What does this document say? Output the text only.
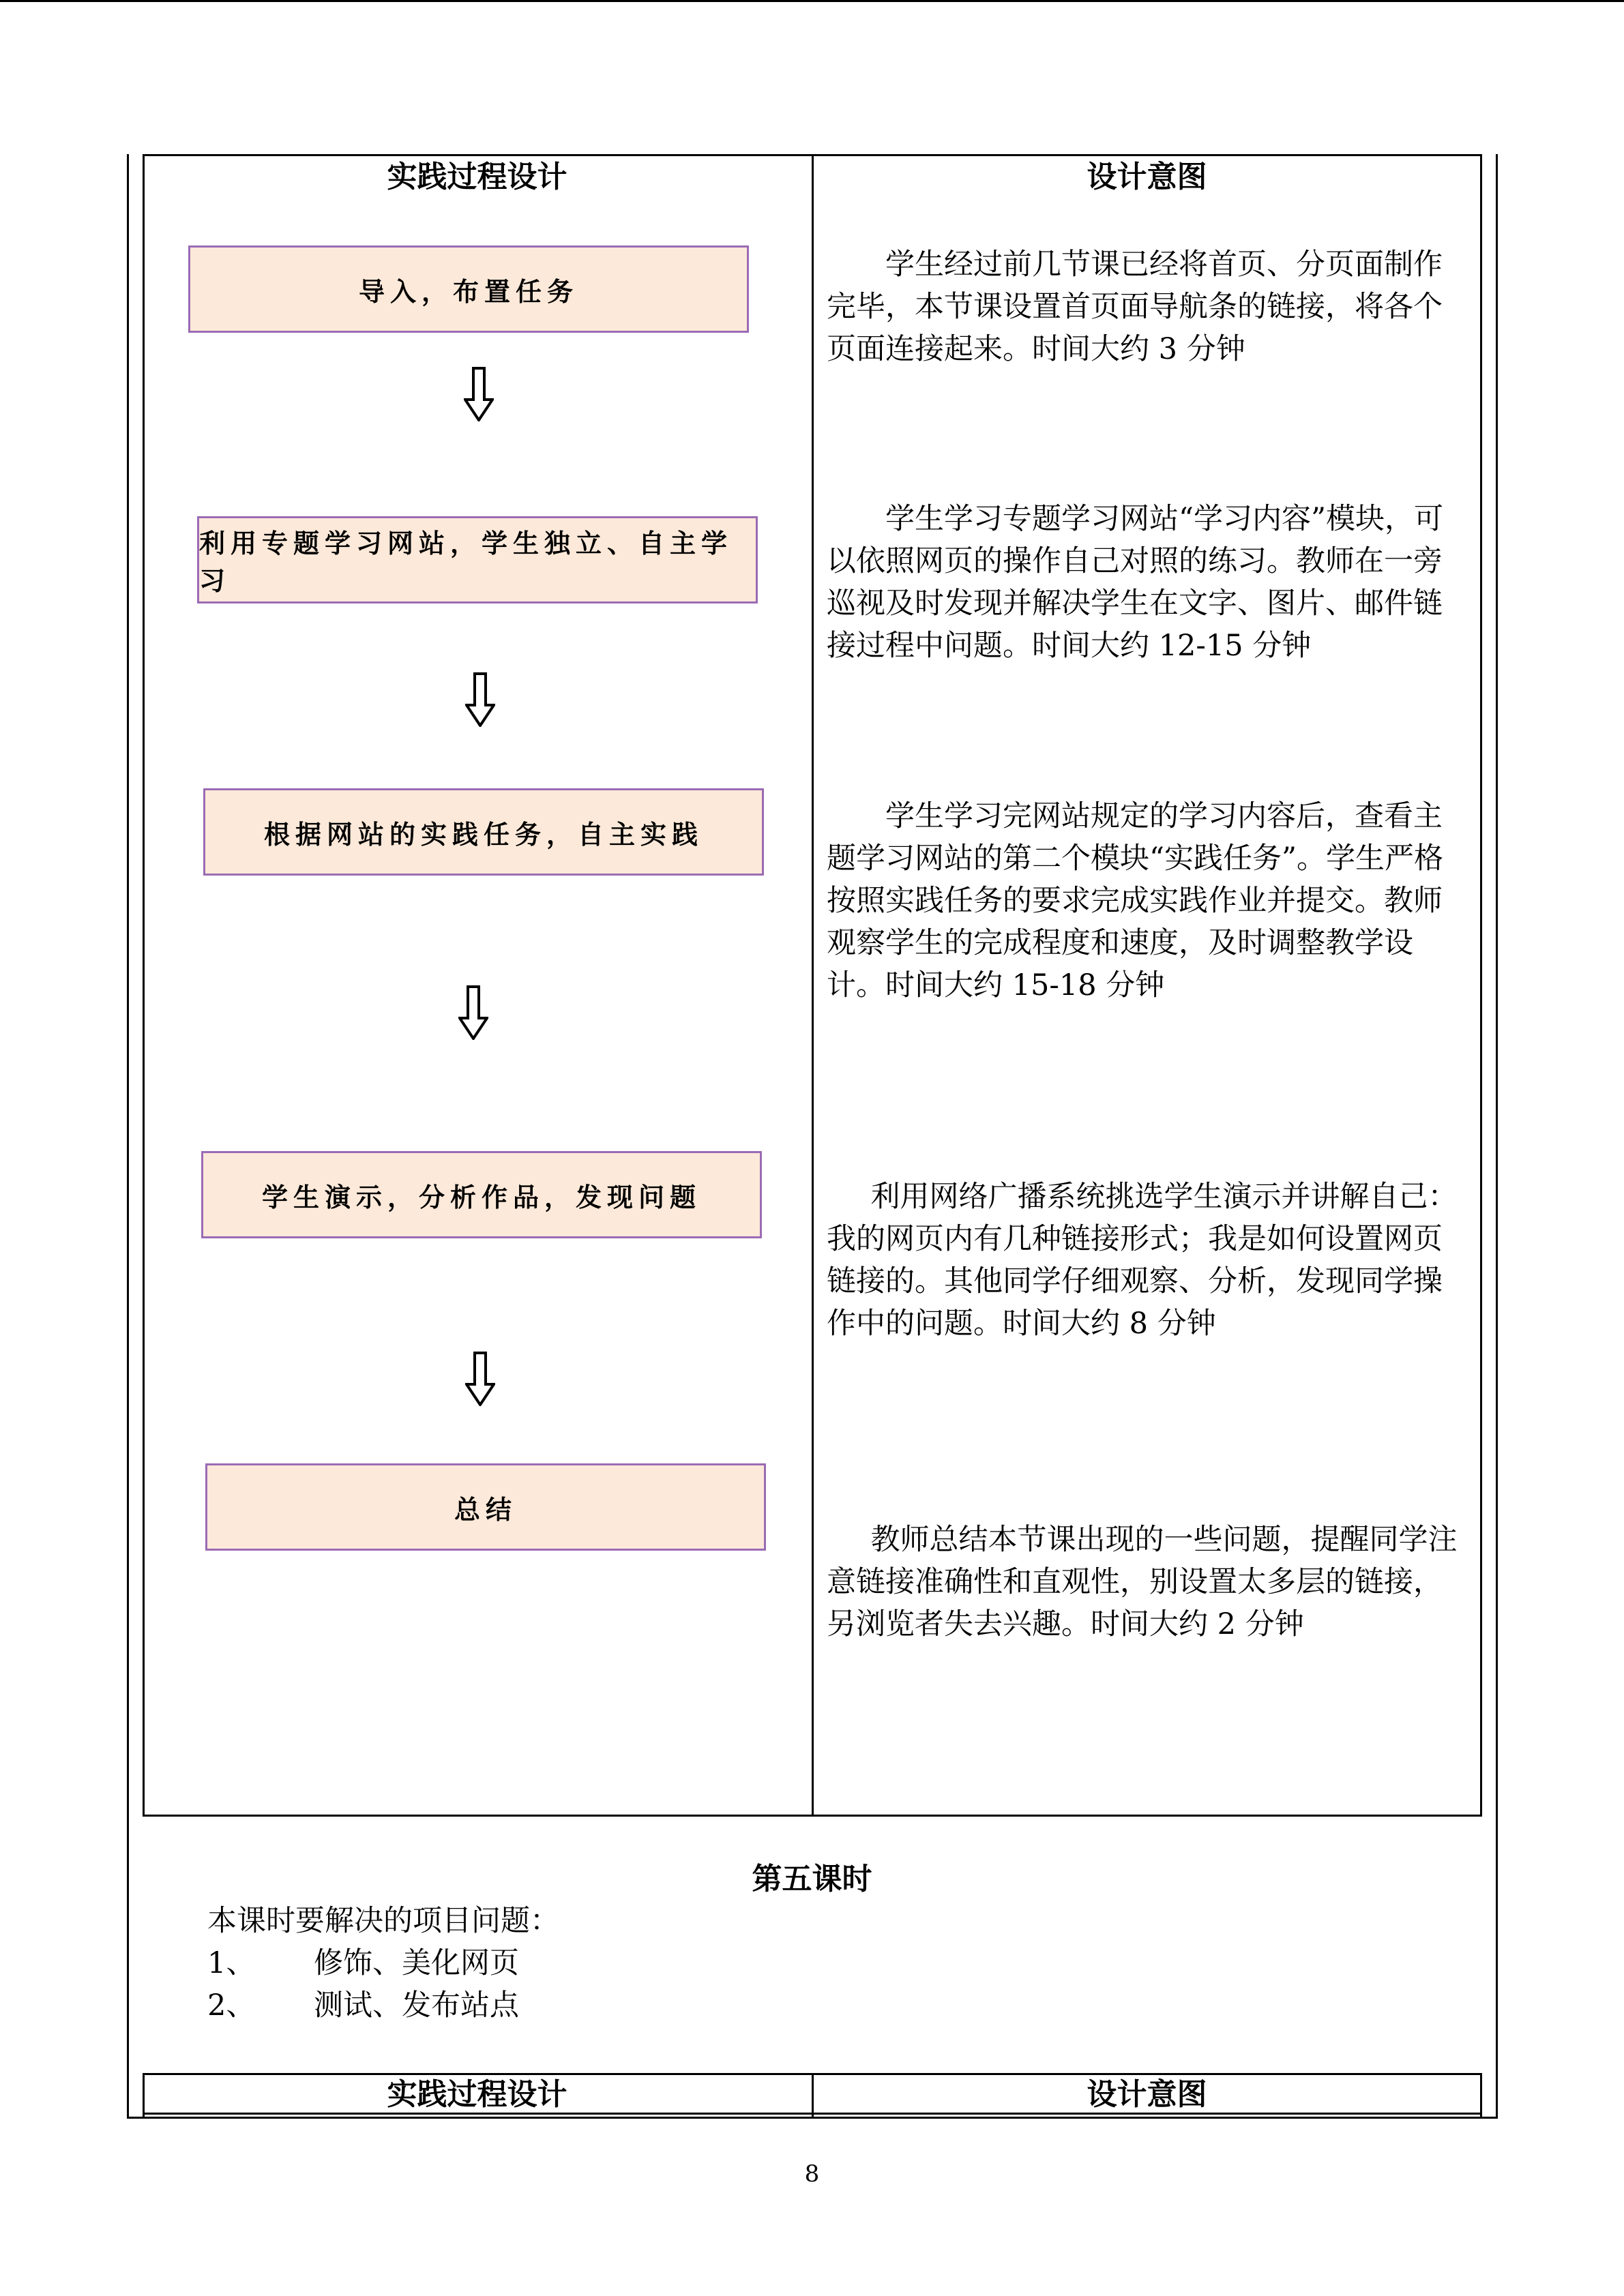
实践过程设计	设计意图
导入，布置任务
利用专题学习网站，学生独立、自主学习
根据网站的实践任务，自主实践
学生演示，分析作品，发现问题
总结
学生经过前几节课已经将首页、分页面制作完毕，本节课设置首页面导航条的链接，将各个页面连接起来。时间大约 3 分钟
学生学习专题学习网站“学习内容”模块，可以依照网页的操作自己对照的练习。教师在一旁巡视及时发现并解决学生在文字、图片、邮件链接过程中问题。时间大约 12-15 分钟
学生学习完网站规定的学习内容后，查看主题学习网站的第二个模块“实践任务”。学生严格按照实践任务的要求完成实践作业并提交。教师观察学生的完成程度和速度，及时调整教学设计。时间大约 15-18 分钟
利用网络广播系统挑选学生演示并讲解自己：我的网页内有几种链接形式；我是如何设置网页链接的。其他同学仔细观察、分析，发现同学操作中的问题。时间大约 8 分钟
教师总结本节课出现的一些问题，提醒同学注意链接准确性和直观性，别设置太多层的链接，另浏览者失去兴趣。时间大约 2 分钟
第五课时
本课时要解决的项目问题：
1、 修饰、美化网页
2、 测试、发布站点
实践过程设计	设计意图
8
